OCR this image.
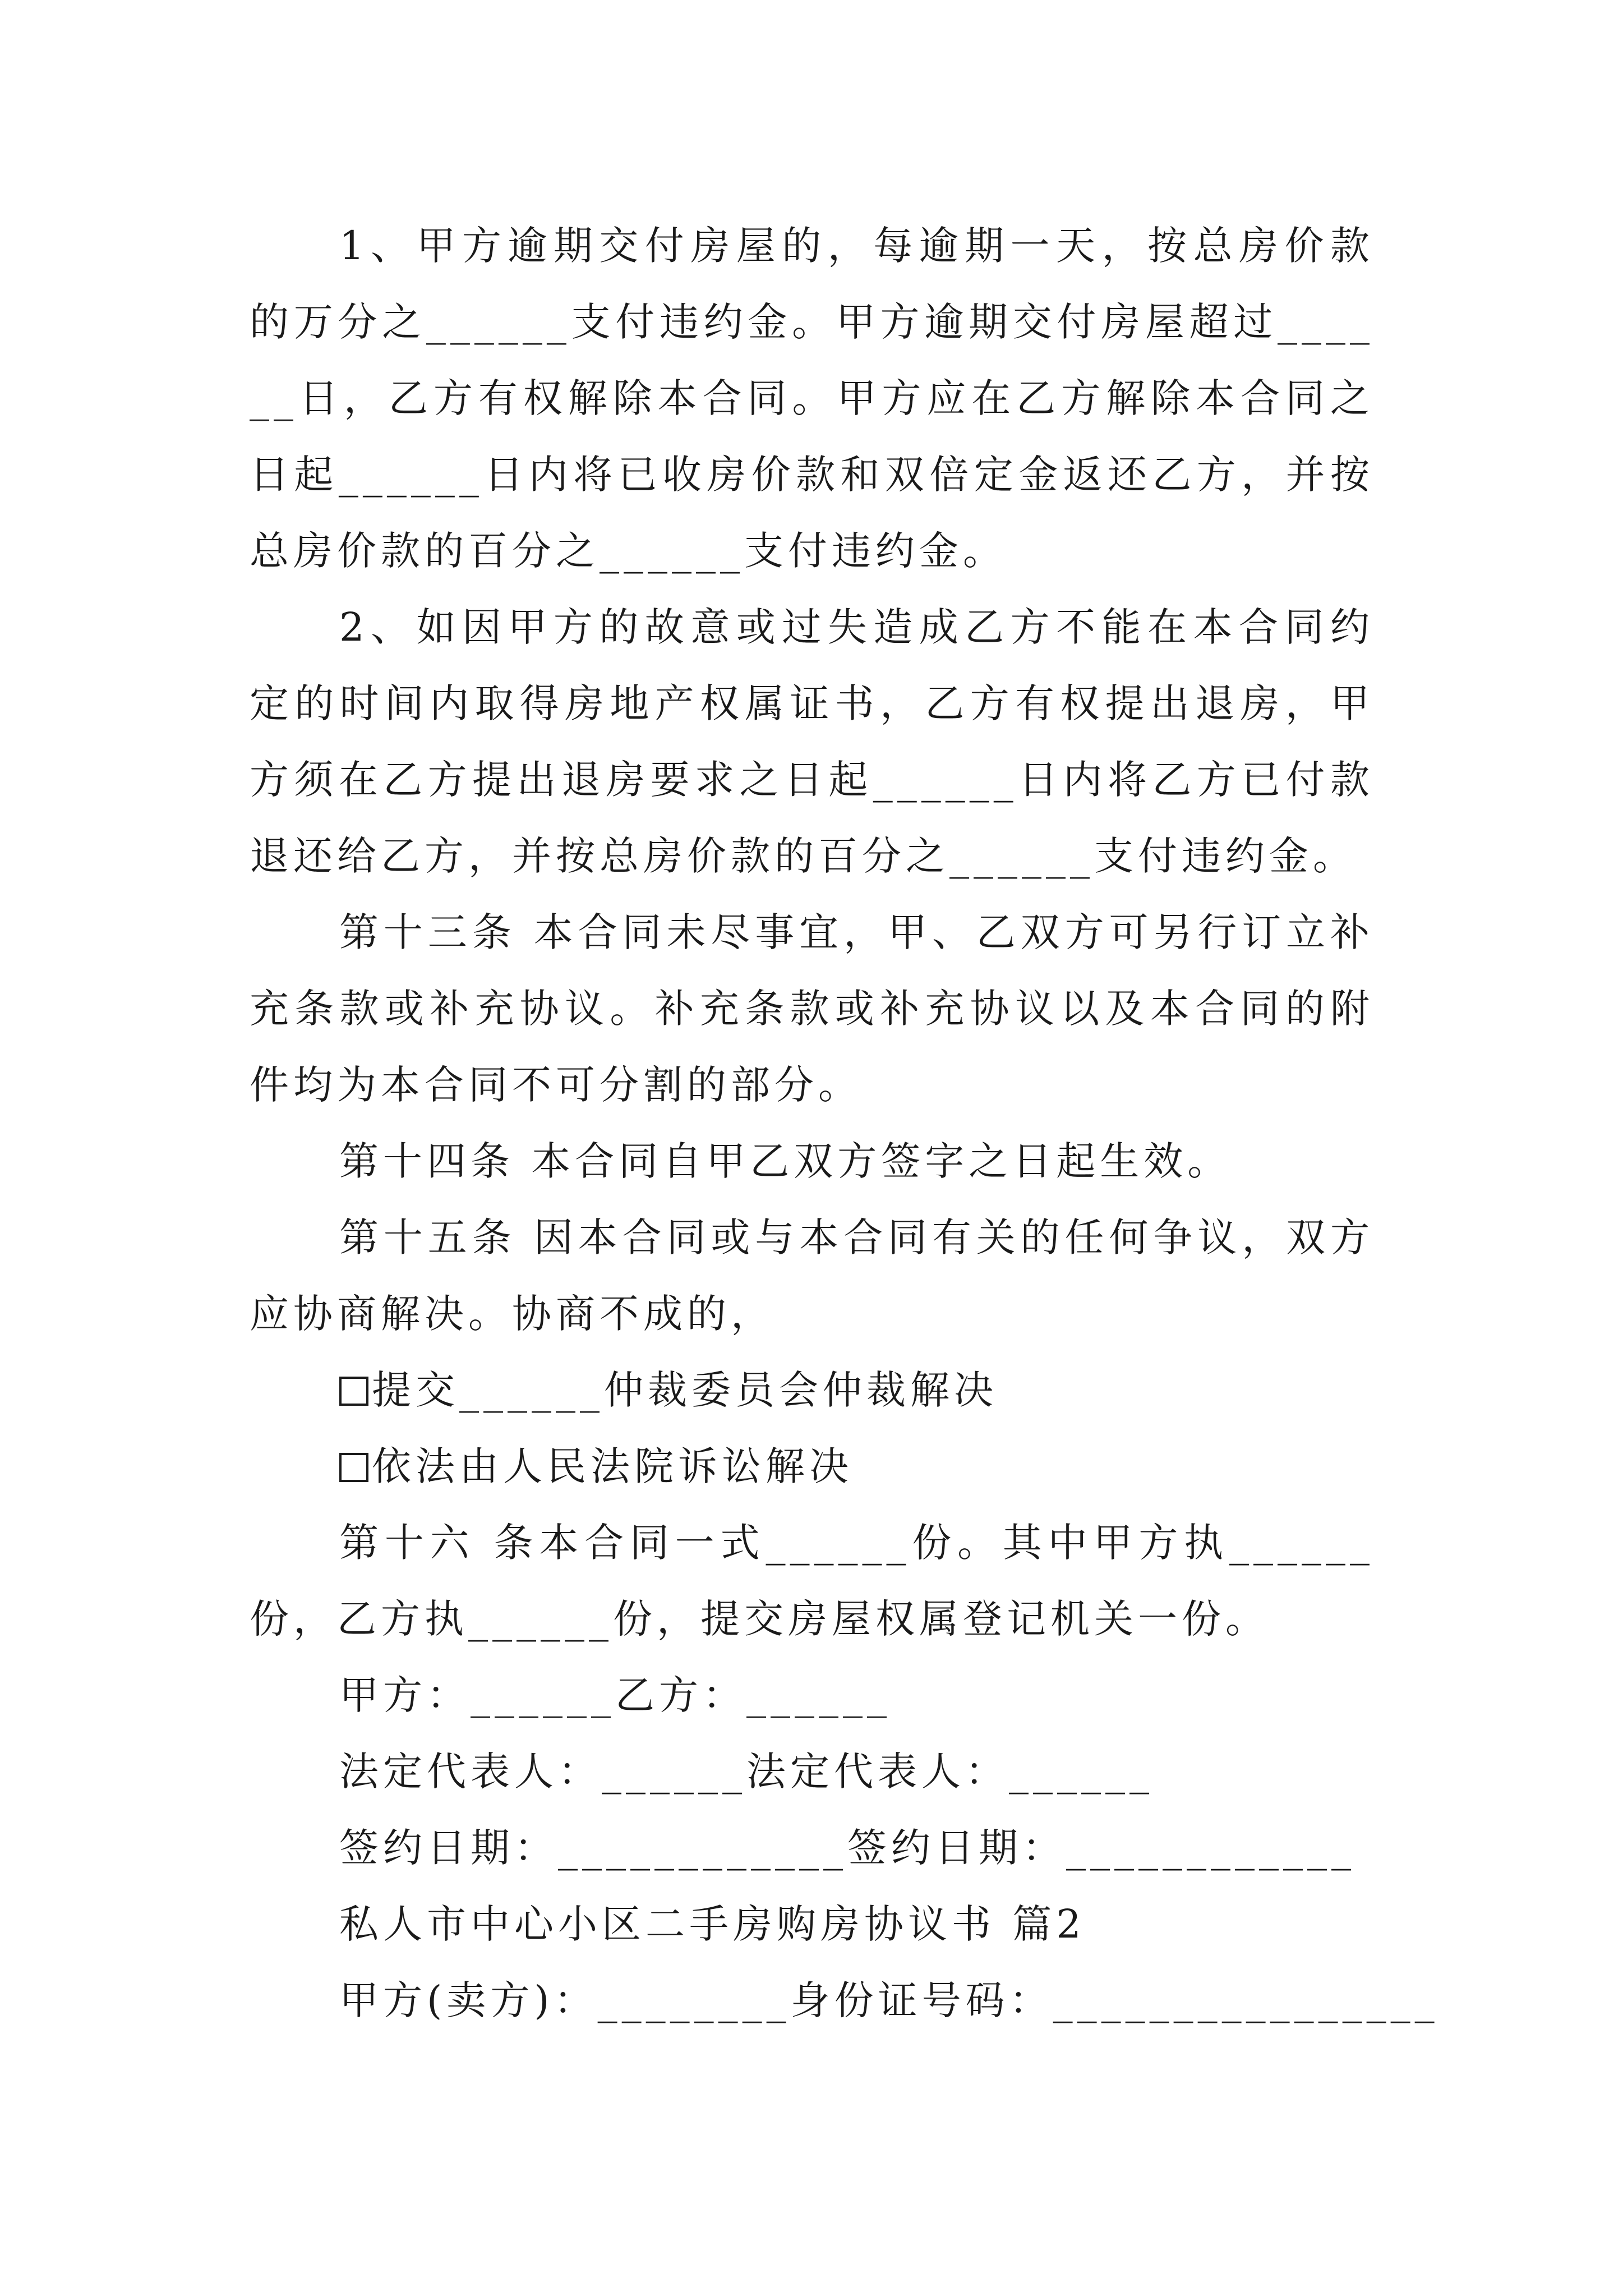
1、甲方逾期交付房屋的，每逾期一天，按总房价款的万分之______支付违约金。甲方逾期交付房屋超过______日，乙方有权解除本合同。甲方应在乙方解除本合同之日起______日内将已收房价款和双倍定金返还乙方，并按总房价款的百分之______支付违约金。

2、如因甲方的故意或过失造成乙方不能在本合同约定的时间内取得房地产权属证书，乙方有权提出退房，甲方须在乙方提出退房要求之日起______日内将乙方已付款退还给乙方，并按总房价款的百分之______支付违约金。

第十三条 本合同未尽事宜，甲、乙双方可另行订立补充条款或补充协议。补充条款或补充协议以及本合同的附件均为本合同不可分割的部分。

第十四条 本合同自甲乙双方签字之日起生效。

第十五条 因本合同或与本合同有关的任何争议，双方应协商解决。协商不成的，

提交______仲裁委员会仲裁解决

依法由人民法院诉讼解决

第十六 条本合同一式______份。其中甲方执______份，乙方执______份，提交房屋权属登记机关一份。

甲方：______乙方：______

法定代表人：______法定代表人：______

签约日期：____________签约日期：____________

私人市中心小区二手房购房协议书 篇2

甲方(卖方)：________身份证号码：________________
